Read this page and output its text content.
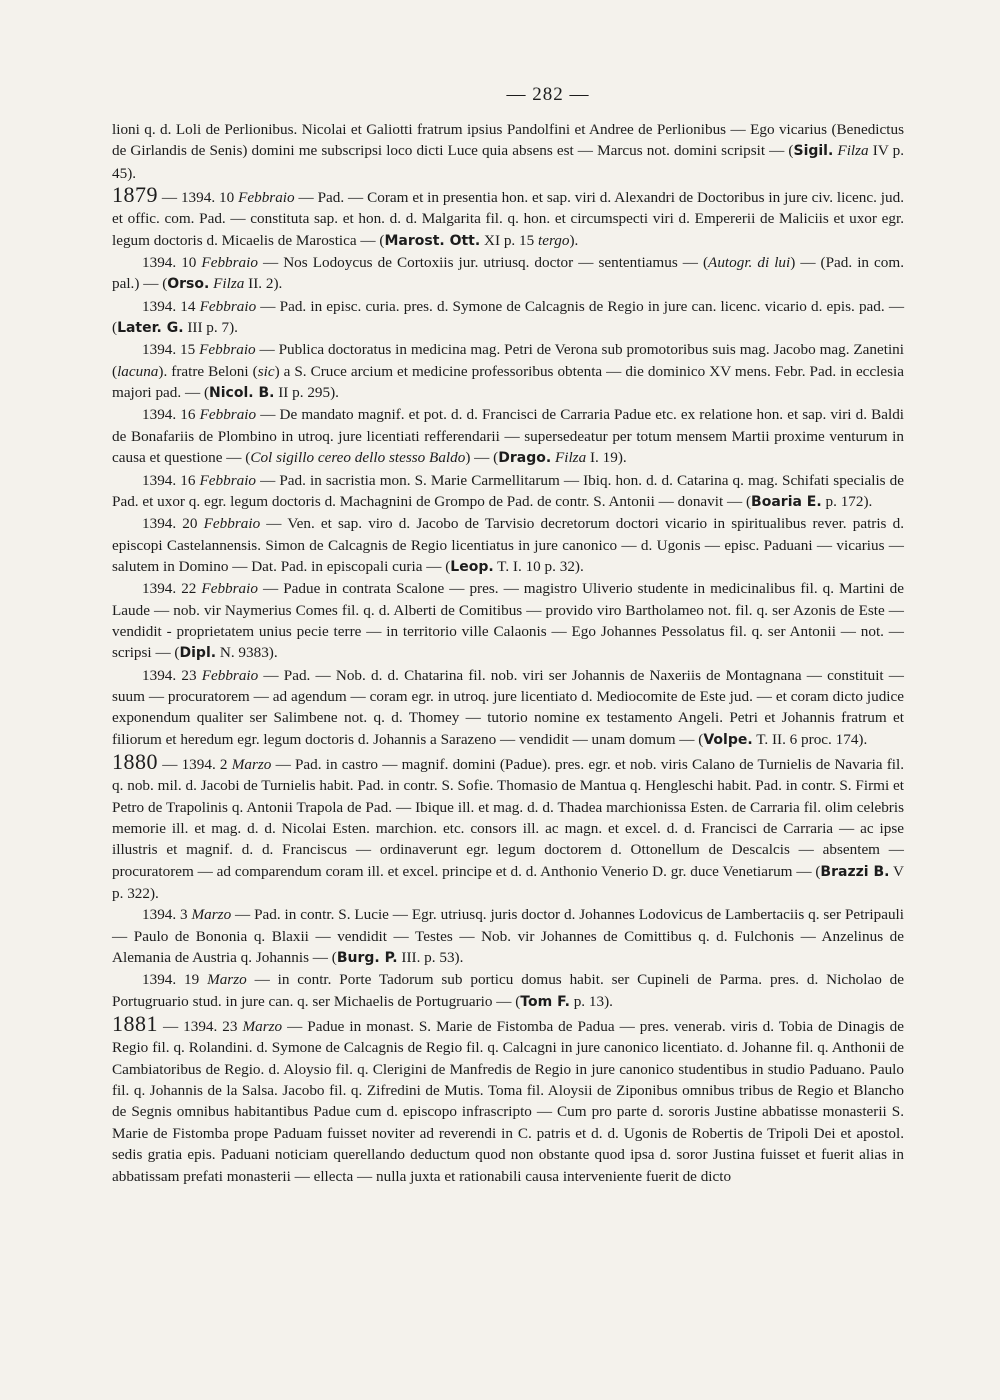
— 282 —

lioni q. d. Loli de Perlionibus. Nicolai et Galiotti fratrum ipsius Pandolfini et Andree de Perlionibus — Ego vicarius (Benedictus de Girlandis de Senis) domini me subscripsi loco dicti Luce quia absens est — Marcus not. domini scripsit — (Sigil. Filza IV p. 45).

1879 — 1394. 10 Febbraio — Pad. — Coram et in presentia hon. et sap. viri d. Alexandri de Doctoribus in jure civ. licenc. jud. et offic. com. Pad. — constituta sap. et hon. d. d. Malgarita fil. q. hon. et circumspecti viri d. Empererii de Maliciis et uxor egr. legum doctoris d. Micaelis de Marostica — (Marost. Ott. XI p. 15 tergo).

1394. 10 Febbraio — Nos Lodoycus de Cortoxiis jur. utriusq. doctor — sententiamus — (Autogr. di lui) — (Pad. in com. pal.) — (Orso. Filza II. 2).

1394. 14 Febbraio — Pad. in episc. curia. pres. d. Symone de Calcagnis de Regio in jure can. licenc. vicario d. epis. pad. — (Later. G. III p. 7).

1394. 15 Febbraio — Publica doctoratus in medicina mag. Petri de Verona sub promotoribus suis mag. Jacobo mag. Zanetini (lacuna). fratre Beloni (sic) a S. Cruce arcium et medicine professoribus obtenta — die dominico XV mens. Febr. Pad. in ecclesia majori pad. — (Nicol. B. II p. 295).

1394. 16 Febbraio — De mandato magnif. et pot. d. d. Francisci de Carraria Padue etc. ex relatione hon. et sap. viri d. Baldi de Bonafariis de Plombino in utroq. jure licentiati refferendarii — supersedeatur per totum mensem Martii proxime venturum in causa et questione — (Col sigillo cereo dello stesso Baldo) — (Drago. Filza I. 19).

1394. 16 Febbraio — Pad. in sacristia mon. S. Marie Carmellitarum — Ibiq. hon. d. d. Catarina q. mag. Schifati specialis de Pad. et uxor q. egr. legum doctoris d. Machagnini de Grompo de Pad. de contr. S. Antonii — donavit — (Boaria E. p. 172).

1394. 20 Febbraio — Ven. et sap. viro d. Jacobo de Tarvisio decretorum doctori vicario in spiritualibus rever. patris d. episcopi Castelannensis. Simon de Calcagnis de Regio licentiatus in jure canonico — d. Ugonis — episc. Paduani — vicarius — salutem in Domino — Dat. Pad. in episcopali curia — (Leop. T. I. 10 p. 32).

1394. 22 Febbraio — Padue in contrata Scalone — pres. — magistro Uliverio studente in medicinalibus fil. q. Martini de Laude — nob. vir Naymerius Comes fil. q. d. Alberti de Comitibus — provido viro Bartholameo not. fil. q. ser Azonis de Este — vendidit - proprietatem unius pecie terre — in territorio ville Calaonis — Ego Johannes Pessolatus fil. q. ser Antonii — not. — scripsi — (Dipl. N. 9383).

1394. 23 Febbraio — Pad. — Nob. d. d. Chatarina fil. nob. viri ser Johannis de Naxeriis de Montagnana — constituit — suum — procuratorem — ad agendum — coram egr. in utroq. jure licentiato d. Mediocomite de Este jud. — et coram dicto judice exponendum qualiter ser Salimbene not. q. d. Thomey — tutorio nomine ex testamento Angeli. Petri et Johannis fratrum et filiorum et heredum egr. legum doctoris d. Johannis a Sarazeno — vendidit — unam domum — (Volpe. T. II. 6 proc. 174).

1880 — 1394. 2 Marzo — Pad. in castro — magnif. domini (Padue). pres. egr. et nob. viris Calano de Turnielis de Navaria fil. q. nob. mil. d. Jacobi de Turnielis habit. Pad. in contr. S. Sofie. Thomasio de Mantua q. Hengleschi habit. Pad. in contr. S. Firmi et Petro de Trapolinis q. Antonii Trapola de Pad. — Ibique ill. et mag. d. d. Thadea marchionissa Esten. de Carraria fil. olim celebris memorie ill. et mag. d. d. Nicolai Esten. marchion. etc. consors ill. ac magn. et excel. d. d. Francisci de Carraria — ac ipse illustris et magnif. d. d. Franciscus — ordinaverunt egr. legum doctorem d. Ottonellum de Descalcis — absentem — procuratorem — ad comparendum coram ill. et excel. principe et d. d. Anthonio Venerio D. gr. duce Venetiarum — (Brazzi B. V p. 322).

1394. 3 Marzo — Pad. in contr. S. Lucie — Egr. utriusq. juris doctor d. Johannes Lodovicus de Lambertaciis q. ser Petripauli — Paulo de Bononia q. Blaxii — vendidit — Testes — Nob. vir Johannes de Comittibus q. d. Fulchonis — Anzelinus de Alemania de Austria q. Johannis — (Burg. P. III. p. 53).

1394. 19 Marzo — in contr. Porte Tadorum sub porticu domus habit. ser Cupineli de Parma. pres. d. Nicholao de Portugruario stud. in jure can. q. ser Michaelis de Portugruario — (Tom F. p. 13).

1881 — 1394. 23 Marzo — Padue in monast. S. Marie de Fistomba de Padua — pres. venerab. viris d. Tobia de Dinagis de Regio fil. q. Rolandini. d. Symone de Calcagnis de Regio fil. q. Calcagni in jure canonico licentiato. d. Johanne fil. q. Anthonii de Cambiatoribus de Regio. d. Aloysio fil. q. Clerigini de Manfredis de Regio in jure canonico studentibus in studio Paduano. Paulo fil. q. Johannis de la Salsa. Jacobo fil. q. Zifredini de Mutis. Toma fil. Aloysii de Ziponibus omnibus tribus de Regio et Blancho de Segnis omnibus habitantibus Padue cum d. episcopo infrascripto — Cum pro parte d. sororis Justine abbatisse monasterii S. Marie de Fistomba prope Paduam fuisset noviter ad reverendi in C. patris et d. d. Ugonis de Robertis de Tripoli Dei et apostol. sedis gratia epis. Paduani noticiam querellando deductum quod non obstante quod ipsa d. soror Justina fuisset et fuerit alias in abbatissam prefati monasterii — ellecta — nulla juxta et rationabili causa interveniente fuerit de dicto
